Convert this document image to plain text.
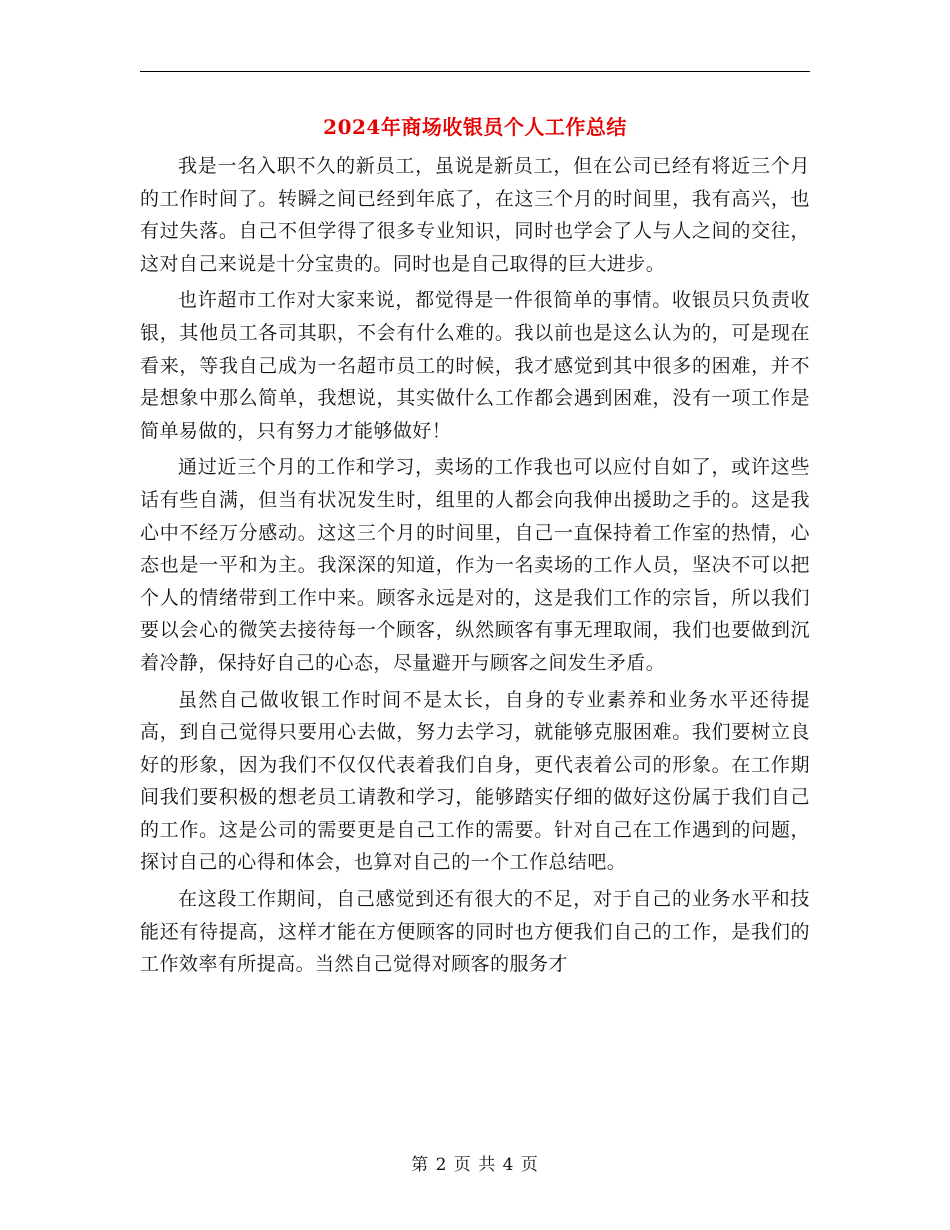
2024年商场收银员个人工作总结

我是一名入职不久的新员工，虽说是新员工，但在公司已经有将近三个月的工作时间了。转瞬之间已经到年底了，在这三个月的时间里，我有高兴，也有过失落。自己不但学得了很多专业知识，同时也学会了人与人之间的交往，这对自己来说是十分宝贵的。同时也是自己取得的巨大进步。

也许超市工作对大家来说，都觉得是一件很简单的事情。收银员只负责收银，其他员工各司其职，不会有什么难的。我以前也是这么认为的，可是现在看来，等我自己成为一名超市员工的时候，我才感觉到其中很多的困难，并不是想象中那么简单，我想说，其实做什么工作都会遇到困难，没有一项工作是简单易做的，只有努力才能够做好！

通过近三个月的工作和学习，卖场的工作我也可以应付自如了，或许这些话有些自满，但当有状况发生时，组里的人都会向我伸出援助之手的。这是我心中不经万分感动。这这三个月的时间里，自己一直保持着工作室的热情，心态也是一平和为主。我深深的知道，作为一名卖场的工作人员，坚决不可以把个人的情绪带到工作中来。顾客永远是对的，这是我们工作的宗旨，所以我们要以会心的微笑去接待每一个顾客，纵然顾客有事无理取闹，我们也要做到沉着冷静，保持好自己的心态，尽量避开与顾客之间发生矛盾。

虽然自己做收银工作时间不是太长，自身的专业素养和业务水平还待提高，到自己觉得只要用心去做，努力去学习，就能够克服困难。我们要树立良好的形象，因为我们不仅仅代表着我们自身，更代表着公司的形象。在工作期间我们要积极的想老员工请教和学习，能够踏实仔细的做好这份属于我们自己的工作。这是公司的需要更是自己工作的需要。针对自己在工作遇到的问题，探讨自己的心得和体会，也算对自己的一个工作总结吧。

在这段工作期间，自己感觉到还有很大的不足，对于自己的业务水平和技能还有待提高，这样才能在方便顾客的同时也方便我们自己的工作，是我们的工作效率有所提高。当然自己觉得对顾客的服务才

第 2 页 共 4 页
